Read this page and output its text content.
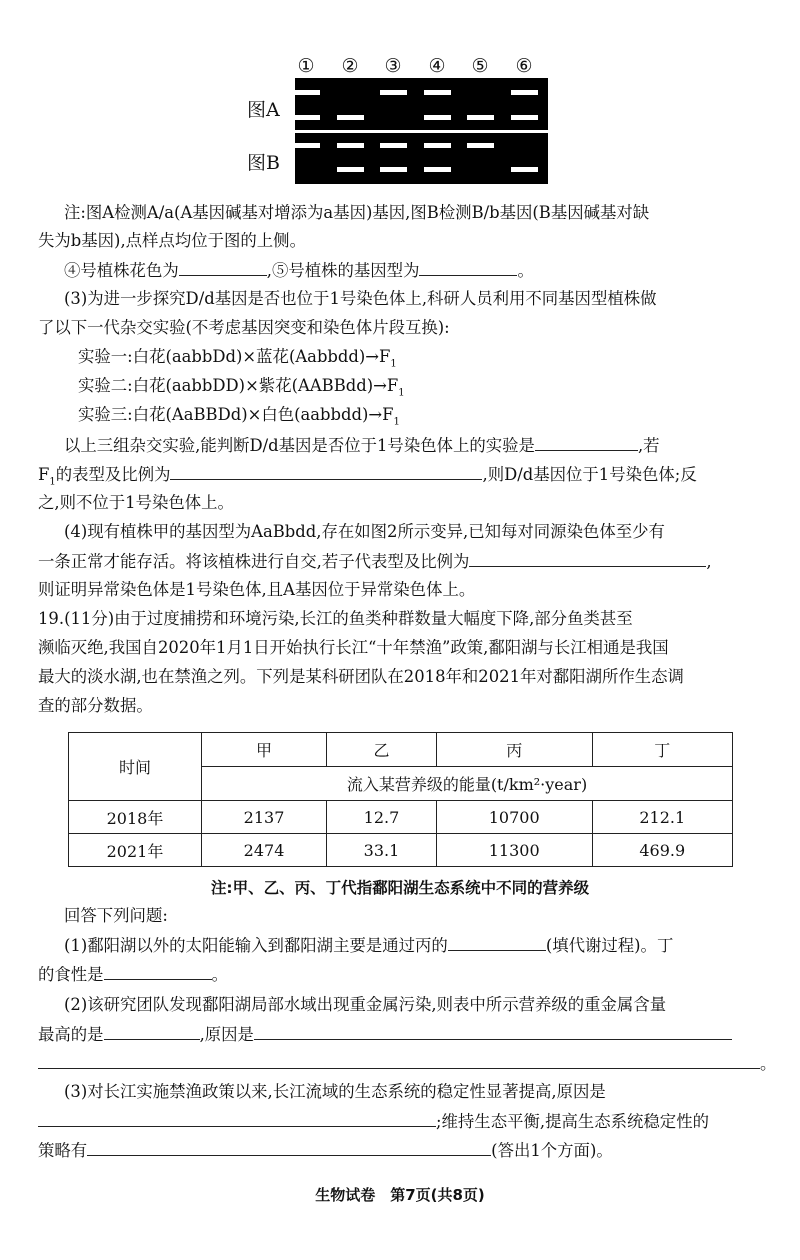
① ② ③ ④ ⑤ ⑥
图A
图B
注:图A检测A/a(A基因碱基对增添为a基因)基因,图B检测B/b基因(B基因碱基对缺
失为b基因),点样点均位于图的上侧。
④号植株花色为	,⑤号植株的基因型为	。
(3)为进一步探究D/d基因是否也位于1号染色体上,科研人员利用不同基因型植株做
了以下一代杂交实验(不考虑基因突变和染色体片段互换):
实验一:白花(aabbDd)×蓝花$(Aabbdd)\to F_1$
实验二:白花(aabbDD)×紫花$(AABBdd)\to F_1$
实验三:白花(AaBBDd)×白色$(aabbdd)\to F_1$
以上三组杂交实验,能判断D/d基因是否位于1号染色体上的实验是	,若
$F_1$的表型及比例为	,则D/d基因位于1号染色体;反
之,则不位于1号染色体上。
(4)现有植株甲的基因型为AaBbdd,存在如图2所示变异,已知每对同源染色体至少有
一条正常才能存活。将该植株进行自交,若子代表型及比例为	,
则证明异常染色体是1号染色体,且A基因位于异常染色体上。
19.(11分)由于过度捕捞和环境污染,长江的鱼类种群数量大幅度下降,部分鱼类甚至
濒临灭绝,我国自2020年1月1日开始执行长江“十年禁渔”政策,鄱阳湖与长江相通是我国
最大的淡水湖,也在禁渔之列。下列是某科研团队在2018年和2021年对鄱阳湖所作生态调
查的部分数据。
时间	甲	乙	丙	丁
	流入某营养级的能量(t/km²·year)			
2018年	2137	12.7	10700	212.1
2021年	2474	33.1	11300	469.9
注:甲、乙、丙、丁代指鄱阳湖生态系统中不同的营养级
回答下列问题:
(1)鄱阳湖以外的太阳能输入到鄱阳湖主要是通过丙的	(填代谢过程)。丁
的食性是	。
(2)该研究团队发现鄱阳湖局部水域出现重金属污染,则表中所示营养级的重金属含量
最高的是	,原因是
。
(3)对长江实施禁渔政策以来,长江流域的生态系统的稳定性显著提高,原因是
;维持生态平衡,提高生态系统稳定性的
策略有	(答出1个方面)。
生物试卷　第7页(共8页)
